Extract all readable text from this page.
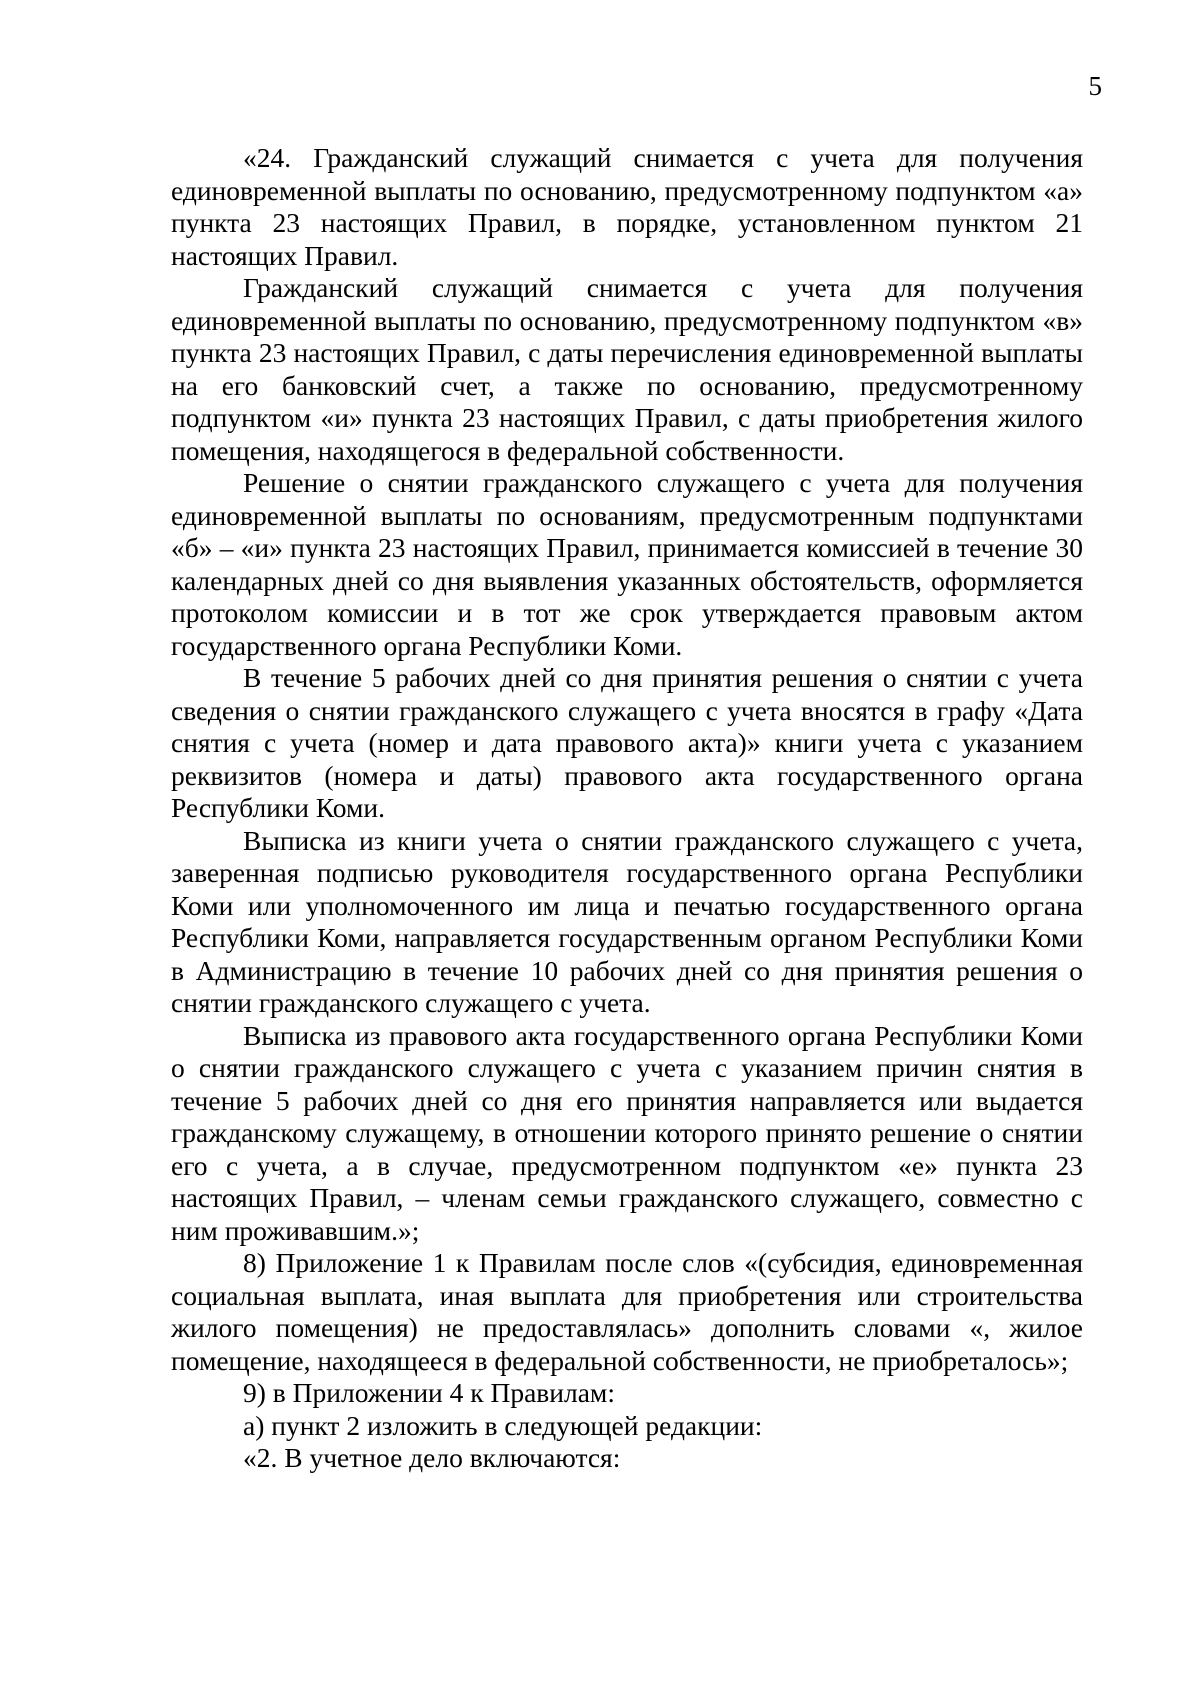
5

«24. Гражданский служащий снимается с учета для получения единовременной выплаты по основанию, предусмотренному подпунктом «а» пункта 23 настоящих Правил, в порядке, установленном пунктом 21 настоящих Правил.

Гражданский служащий снимается с учета для получения единовременной выплаты по основанию, предусмотренному подпунктом «в» пункта 23 настоящих Правил, с даты перечисления единовременной выплаты на его банковский счет, а также по основанию, предусмотренному подпунктом «и» пункта 23 настоящих Правил, с даты приобретения жилого помещения, находящегося в федеральной собственности.

Решение о снятии гражданского служащего с учета для получения единовременной выплаты по основаниям, предусмотренным подпунктами «б» – «и» пункта 23 настоящих Правил, принимается комиссией в течение 30 календарных дней со дня выявления указанных обстоятельств, оформляется протоколом комиссии и в тот же срок утверждается правовым актом государственного органа Республики Коми.

В течение 5 рабочих дней со дня принятия решения о снятии с учета сведения о снятии гражданского служащего с учета вносятся в графу «Дата снятия с учета (номер и дата правового акта)» книги учета с указанием реквизитов (номера и даты) правового акта государственного органа Республики Коми.

Выписка из книги учета о снятии гражданского служащего с учета, заверенная подписью руководителя государственного органа Республики Коми или уполномоченного им лица и печатью государственного органа Республики Коми, направляется государственным органом Республики Коми в Администрацию в течение 10 рабочих дней со дня принятия решения о снятии гражданского служащего с учета.

Выписка из правового акта государственного органа Республики Коми о снятии гражданского служащего с учета с указанием причин снятия в течение 5 рабочих дней со дня его принятия направляется или выдается гражданскому служащему, в отношении которого принято решение о снятии его с учета, а в случае, предусмотренном подпунктом «е» пункта 23 настоящих Правил, – членам семьи гражданского служащего, совместно с ним проживавшим.»;

8) Приложение 1 к Правилам после слов «(субсидия, единовременная социальная выплата, иная выплата для приобретения или строительства жилого помещения) не предоставлялась» дополнить словами «, жилое помещение, находящееся в федеральной собственности, не приобреталось»;

9) в Приложении 4 к Правилам:

а) пункт 2 изложить в следующей редакции:

«2. В учетное дело включаются:
